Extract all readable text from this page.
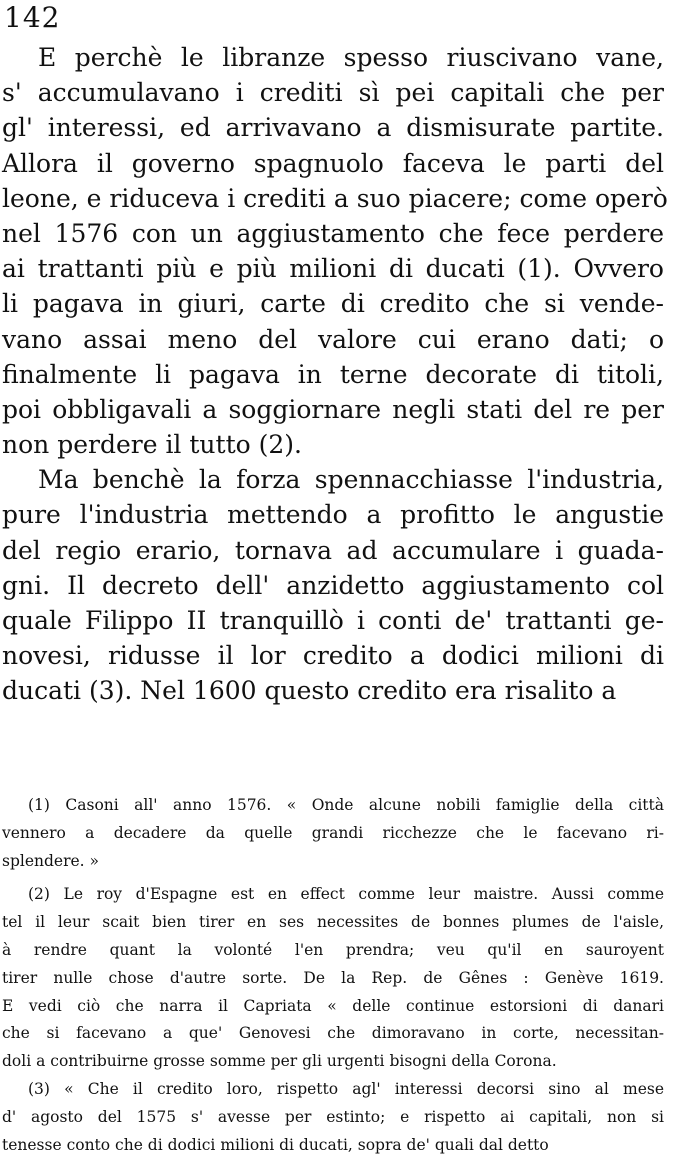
142
E perchè le libranze spesso riuscivano vane,
s' accumulavano i crediti sì pei capitali che per
gl' interessi, ed arrivavano a dismisurate partite.
Allora il governo spagnuolo faceva le parti del
leone, e riduceva i crediti a suo piacere; come operò
nel 1576 con un aggiustamento che fece perdere
ai trattanti più e più milioni di ducati (1). Ovvero
li pagava in giuri, carte di credito che si vende-
vano assai meno del valore cui erano dati; o
finalmente li pagava in terne decorate di titoli,
poi obbligavali a soggiornare negli stati del re per
non perdere il tutto (2).
Ma benchè la forza spennacchiasse l'industria,
pure l'industria mettendo a profitto le angustie
del regio erario, tornava ad accumulare i guada-
gni. Il decreto dell' anzidetto aggiustamento col
quale Filippo II tranquillò i conti de' trattanti ge-
novesi, ridusse il lor credito a dodici milioni di
ducati (3). Nel 1600 questo credito era risalito a
(1) Casoni all' anno 1576. « Onde alcune nobili famiglie della città
vennero a decadere da quelle grandi ricchezze che le facevano ri-
splendere. »
(2) Le roy d'Espagne est en effect comme leur maistre. Aussi comme
tel il leur scait bien tirer en ses necessites de bonnes plumes de l'aisle,
à rendre quant la volonté l'en prendra; veu qu'il en sauroyent
tirer nulle chose d'autre sorte. De la Rep. de Gênes : Genève 1619.
E vedi ciò che narra il Capriata « delle continue estorsioni di danari
che si facevano a que' Genovesi che dimoravano in corte, necessitan-
doli a contribuirne grosse somme per gli urgenti bisogni della Corona.
(3) « Che il credito loro, rispetto agl' interessi decorsi sino al mese
d' agosto del 1575 s' avesse per estinto; e rispetto ai capitali, non si
tenesse conto che di dodici milioni di ducati, sopra de' quali dal detto
